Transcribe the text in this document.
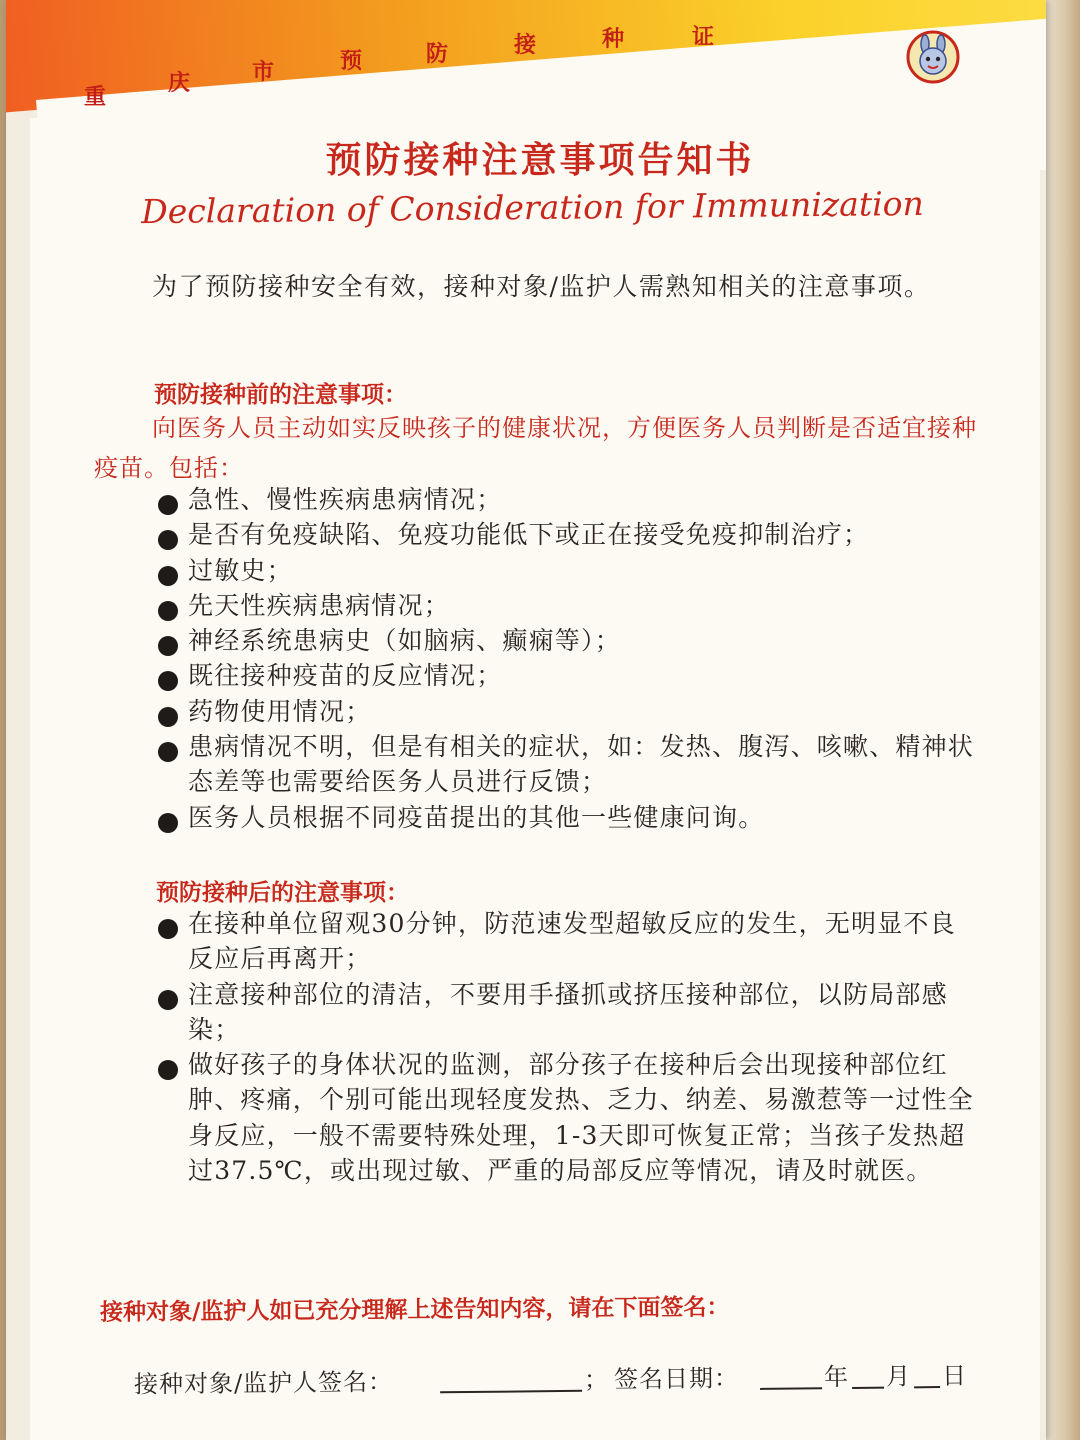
重
庆	市	预	防	接	种	证
预防接种注意事项告知书
Declaration of Consideration for Immunization
为了预防接种安全有效，接种对象/监护人需熟知相关的注意事项。
预防接种前的注意事项：
向医务人员主动如实反映孩子的健康状况，方便医务人员判断是否适宜接种疫苗。包括：
急性、慢性疾病患病情况；
是否有免疫缺陷、免疫功能低下或正在接受免疫抑制治疗；
过敏史；
先天性疾病患病情况；
神经系统患病史（如脑病、癫痫等）；
既往接种疫苗的反应情况；
药物使用情况；
患病情况不明，但是有相关的症状，如：发热、腹泻、咳嗽、精神状态差等也需要给医务人员进行反馈；
医务人员根据不同疫苗提出的其他一些健康问询。
预防接种后的注意事项：
在接种单位留观30分钟，防范速发型超敏反应的发生，无明显不良反应后再离开；
注意接种部位的清洁，不要用手搔抓或挤压接种部位，以防局部感染；
做好孩子的身体状况的监测，部分孩子在接种后会出现接种部位红肿、疼痛，个别可能出现轻度发热、乏力、纳差、易激惹等一过性全身反应，一般不需要特殊处理，1-3天即可恢复正常；当孩子发热超过37.5℃，或出现过敏、严重的局部反应等情况，请及时就医。
接种对象/监护人如已充分理解上述告知内容，请在下面签名：
接种对象/监护人签名：	； 签名日期：	年 月 日
